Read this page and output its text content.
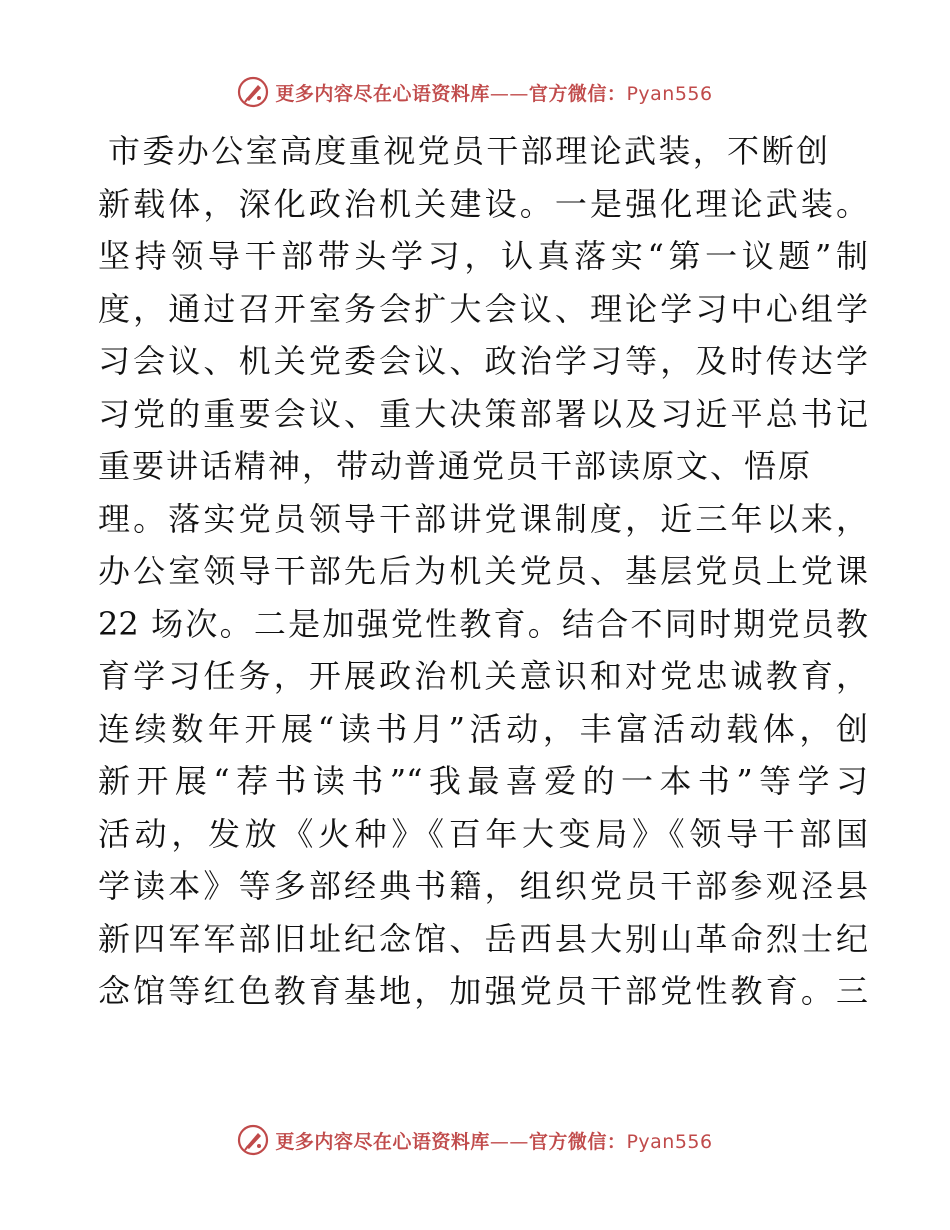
更多内容尽在心语资料库——官方微信：Pyan556
市委办公室高度重视党员干部理论武装，不断创
新载体，深化政治机关建设。一是强化理论武装。
坚持领导干部带头学习，认真落实“第一议题”制
度，通过召开室务会扩大会议、理论学习中心组学
习会议、机关党委会议、政治学习等，及时传达学
习党的重要会议、重大决策部署以及习近平总书记
重要讲话精神，带动普通党员干部读原文、悟原
理。落实党员领导干部讲党课制度，近三年以来，
办公室领导干部先后为机关党员、基层党员上党课
22 场次。二是加强党性教育。结合不同时期党员教
育学习任务，开展政治机关意识和对党忠诚教育，
连续数年开展“读书月”活动，丰富活动载体，创
新开展“荐书读书”“我最喜爱的一本书”等学习
活动，发放《火种》《百年大变局》《领导干部国
学读本》等多部经典书籍，组织党员干部参观泾县
新四军军部旧址纪念馆、岳西县大别山革命烈士纪
念馆等红色教育基地，加强党员干部党性教育。三
更多内容尽在心语资料库——官方微信：Pyan556
